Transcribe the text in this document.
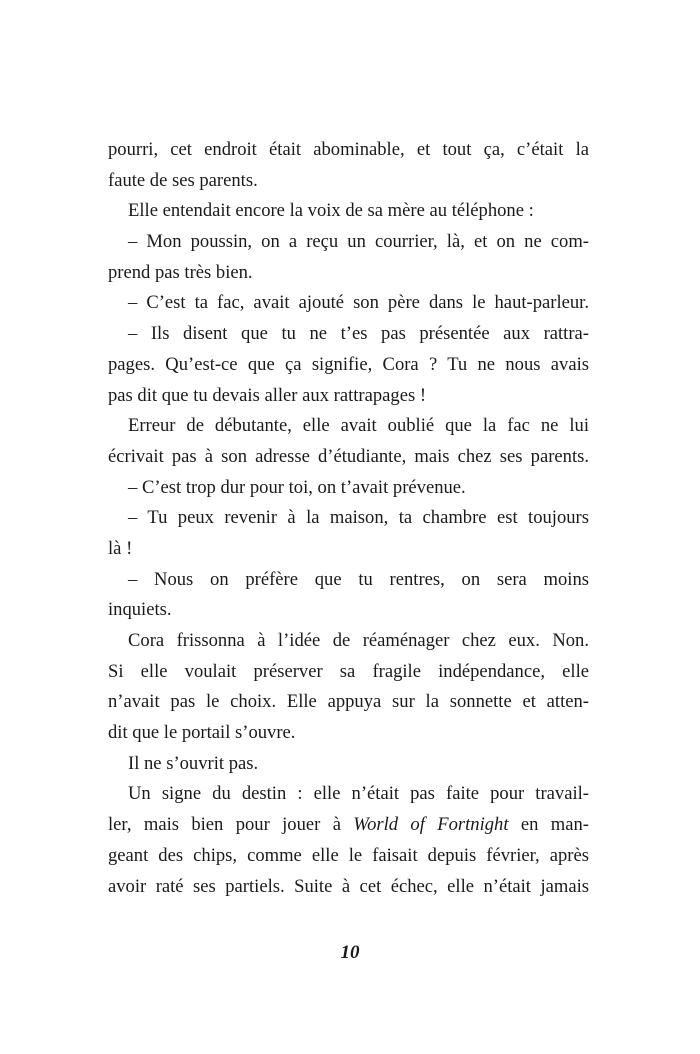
pourri, cet endroit était abominable, et tout ça, c’était la
faute de ses parents.
Elle entendait encore la voix de sa mère au téléphone :
– Mon poussin, on a reçu un courrier, là, et on ne com-
prend pas très bien.
– C’est ta fac, avait ajouté son père dans le haut-parleur.
– Ils disent que tu ne t’es pas présentée aux rattra-
pages. Qu’est-ce que ça signifie, Cora ? Tu ne nous avais
pas dit que tu devais aller aux rattrapages !
Erreur de débutante, elle avait oublié que la fac ne lui
écrivait pas à son adresse d’étudiante, mais chez ses parents.
– C’est trop dur pour toi, on t’avait prévenue.
– Tu peux revenir à la maison, ta chambre est toujours
là !
– Nous on préfère que tu rentres, on sera moins
inquiets.
Cora frissonna à l’idée de réaménager chez eux. Non.
Si elle voulait préserver sa fragile indépendance, elle
n’avait pas le choix. Elle appuya sur la sonnette et atten-
dit que le portail s’ouvre.
Il ne s’ouvrit pas.
Un signe du destin : elle n’était pas faite pour travail-
ler, mais bien pour jouer à World of Fortnight en man-
geant des chips, comme elle le faisait depuis février, après
avoir raté ses partiels. Suite à cet échec, elle n’était jamais
10
